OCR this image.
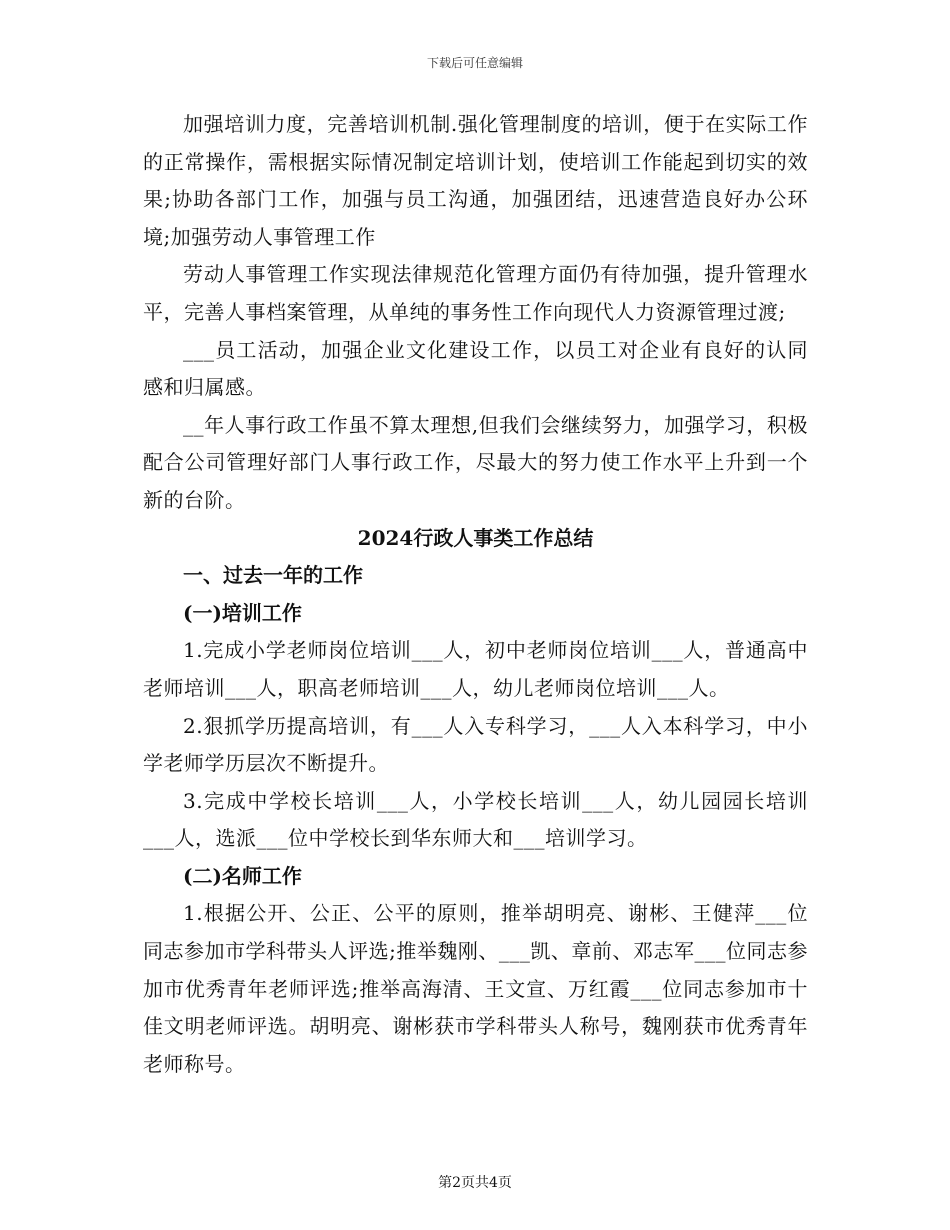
下载后可任意编辑

加强培训力度，完善培训机制.强化管理制度的培训，便于在实际工作的正常操作，需根据实际情况制定培训计划，使培训工作能起到切实的效果;协助各部门工作，加强与员工沟通，加强团结，迅速营造良好办公环境;加强劳动人事管理工作

劳动人事管理工作实现法律规范化管理方面仍有待加强，提升管理水平，完善人事档案管理，从单纯的事务性工作向现代人力资源管理过渡;

___员工活动，加强企业文化建设工作，以员工对企业有良好的认同感和归属感。

__年人事行政工作虽不算太理想,但我们会继续努力，加强学习，积极配合公司管理好部门人事行政工作，尽最大的努力使工作水平上升到一个新的台阶。

2024行政人事类工作总结

一、过去一年的工作

(一)培训工作

1.完成小学老师岗位培训___人，初中老师岗位培训___人，普通高中老师培训___人，职高老师培训___人，幼儿老师岗位培训___人。

2.狠抓学历提高培训，有___人入专科学习，___人入本科学习，中小学老师学历层次不断提升。

3.完成中学校长培训___人，小学校长培训___人，幼儿园园长培训___人，选派___位中学校长到华东师大和___培训学习。

(二)名师工作

1.根据公开、公正、公平的原则，推举胡明亮、谢彬、王健萍___位同志参加市学科带头人评选;推举魏刚、___凯、章前、邓志军___位同志参加市优秀青年老师评选;推举高海清、王文宣、万红霞___位同志参加市十佳文明老师评选。胡明亮、谢彬获市学科带头人称号，魏刚获市优秀青年老师称号。

第2页共4页
